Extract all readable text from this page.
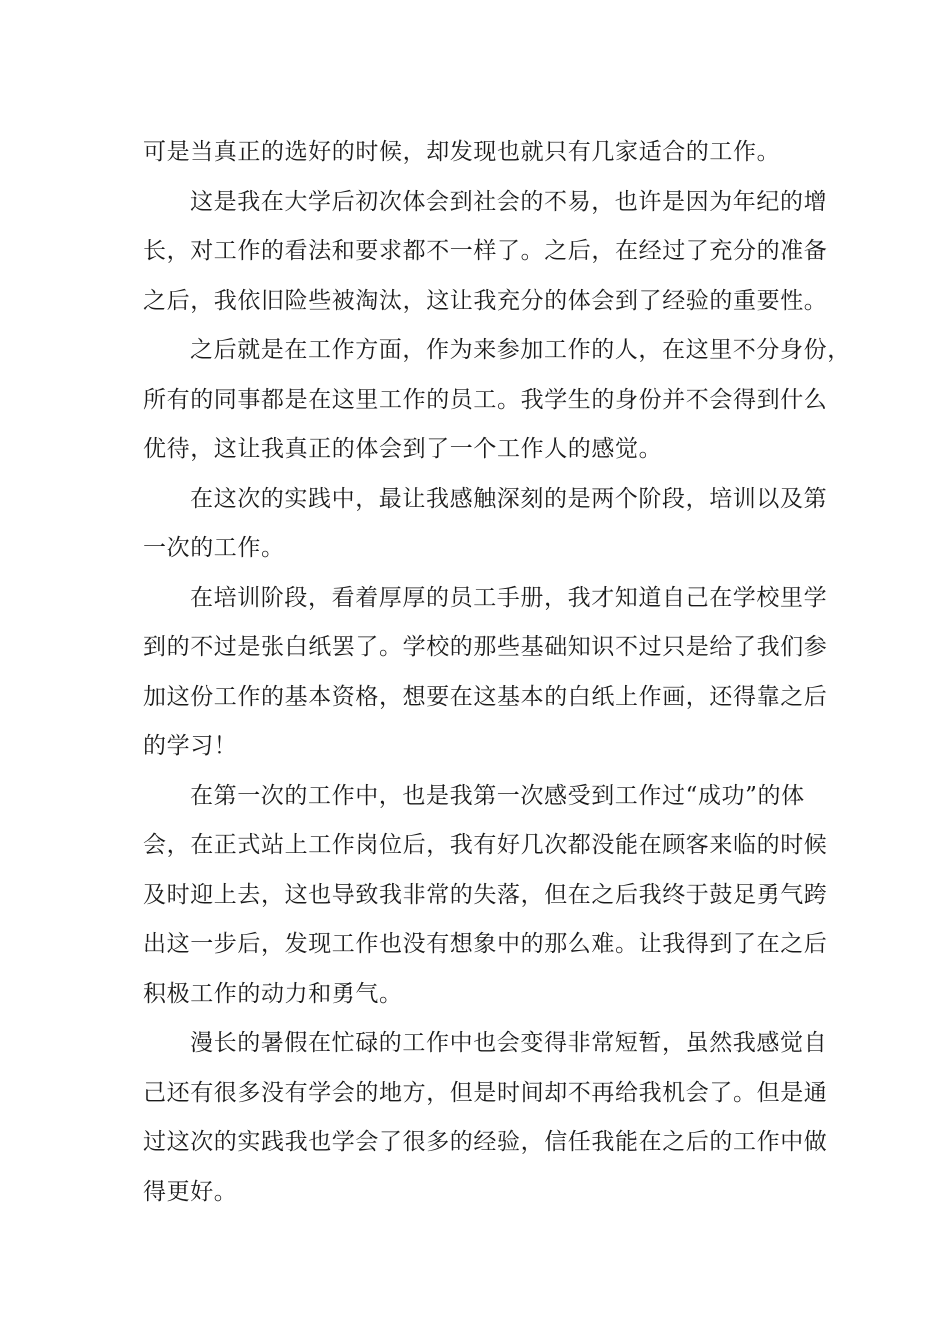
可是当真正的选好的时候，却发现也就只有几家适合的工作。
这是我在大学后初次体会到社会的不易，也许是因为年纪的增
长，对工作的看法和要求都不一样了。之后，在经过了充分的准备
之后，我依旧险些被淘汰，这让我充分的体会到了经验的重要性。
之后就是在工作方面，作为来参加工作的人，在这里不分身份，
所有的同事都是在这里工作的员工。我学生的身份并不会得到什么
优待，这让我真正的体会到了一个工作人的感觉。
在这次的实践中，最让我感触深刻的是两个阶段，培训以及第
一次的工作。
在培训阶段，看着厚厚的员工手册，我才知道自己在学校里学
到的不过是张白纸罢了。学校的那些基础知识不过只是给了我们参
加这份工作的基本资格，想要在这基本的白纸上作画，还得靠之后
的学习！
在第一次的工作中，也是我第一次感受到工作过“成功”的体
会，在正式站上工作岗位后，我有好几次都没能在顾客来临的时候
及时迎上去，这也导致我非常的失落，但在之后我终于鼓足勇气跨
出这一步后，发现工作也没有想象中的那么难。让我得到了在之后
积极工作的动力和勇气。
漫长的暑假在忙碌的工作中也会变得非常短暂，虽然我感觉自
己还有很多没有学会的地方，但是时间却不再给我机会了。但是通
过这次的实践我也学会了很多的经验，信任我能在之后的工作中做
得更好。
